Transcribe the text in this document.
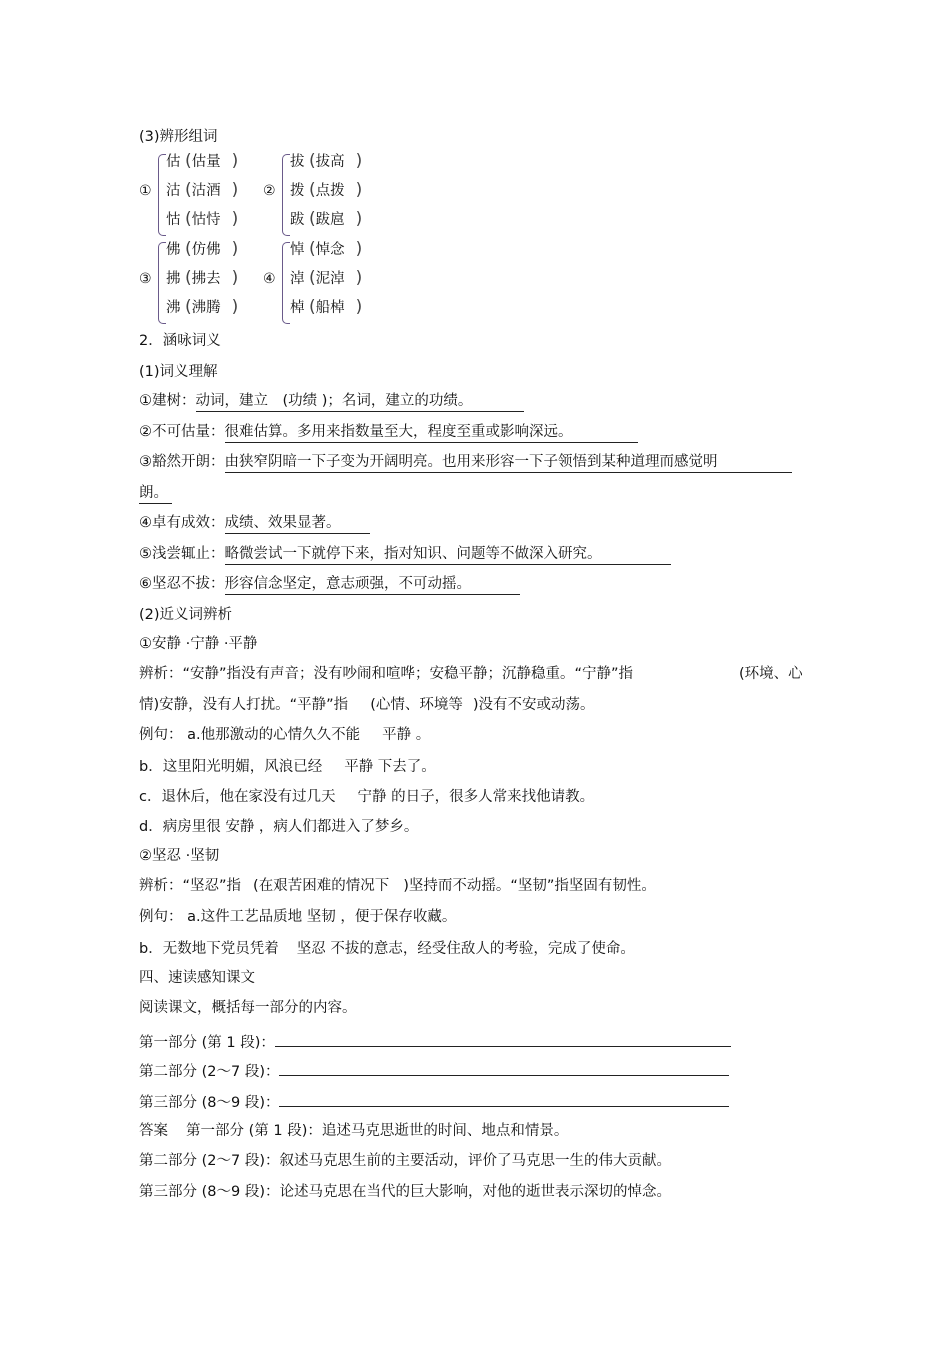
(3)辨形组词
①
估 (估量 )
沽 (沽酒 )
怙 (怙恃 )
②
拔 (拔高 )
拨 (点拨 )
跋 (跋扈 )
③
佛 (仿佛 )
拂 (拂去 )
沸 (沸腾 )
④
悼 (悼念 )
淖 (泥淖 )
棹 (船棹 )
2．涵咏词义
(1)词义理解
①建树：动词，建立　(功绩 )；名词，建立的功绩。
②不可估量：很难估算。多用来指数量至大，程度至重或影响深远。
③豁然开朗：由狭窄阴暗一下子变为开阔明亮。也用来形容一下子领悟到某种道理而感觉明
朗。
④卓有成效：成绩、效果显著。
⑤浅尝辄止：略微尝试一下就停下来，指对知识、问题等不做深入研究。
⑥坚忍不拔：形容信念坚定，意志顽强，不可动摇。
(2)近义词辨析
①安静 ·宁静 ·平静
辨析：“安静”指没有声音；没有吵闹和喧哗；安稳平静；沉静稳重。“宁静”指	(环境、心
情)安静，没有人打扰。“平静”指 (心情、环境等 )没有不安或动荡。
例句： a.他那激动的心情久久不能 平静 。
b．这里阳光明媚，风浪已经 平静 下去了。
c．退休后，他在家没有过几天 宁静 的日子，很多人常来找他请教。
d．病房里很 安静 ，病人们都进入了梦乡。
②坚忍 ·坚韧
辨析：“坚忍”指 (在艰苦困难的情况下 )坚持而不动摇。“坚韧”指坚固有韧性。
例句： a.这件工艺品质地 坚韧 ，便于保存收藏。
b．无数地下党员凭着 坚忍 不拔的意志，经受住敌人的考验，完成了使命。
四、速读感知课文
阅读课文，概括每一部分的内容。
第一部分 (第 1 段)：
第二部分 (2～7 段)：
第三部分 (8～9 段)：
答案 第一部分 (第 1 段)：追述马克思逝世的时间、地点和情景。
第二部分 (2～7 段)：叙述马克思生前的主要活动，评价了马克思一生的伟大贡献。
第三部分 (8～9 段)：论述马克思在当代的巨大影响，对他的逝世表示深切的悼念。
